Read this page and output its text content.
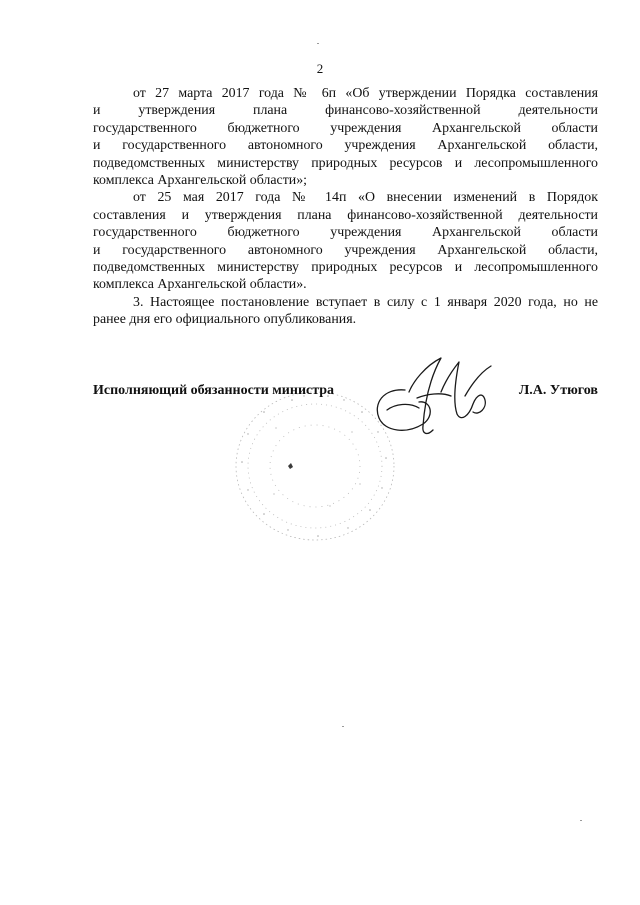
2

от 27 марта 2017 года № 6п «Об утверждении Порядка составления
и утверждения плана финансово-хозяйственной деятельности
государственного бюджетного учреждения Архангельской области
и государственного автономного учреждения Архангельской области,
подведомственных министерству природных ресурсов и лесопромышленного
комплекса Архангельской области»;

от 25 мая 2017 года № 14п «О внесении изменений в Порядок
составления и утверждения плана финансово-хозяйственной деятельности
государственного бюджетного учреждения Архангельской области
и государственного автономного учреждения Архангельской области,
подведомственных министерству природных ресурсов и лесопромышленного
комплекса Архангельской области».

3. Настоящее постановление вступает в силу с 1 января 2020 года, но не
ранее дня его официального опубликования.

Исполняющий обязанности министра	Л.А. Утюгов
